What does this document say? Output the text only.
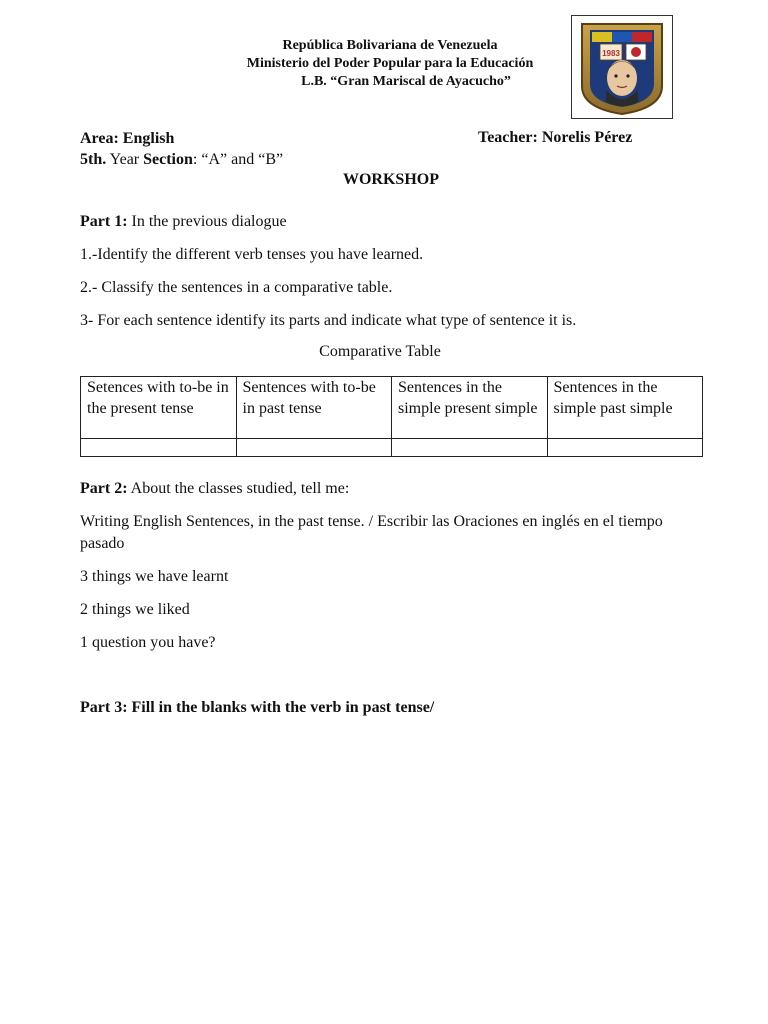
República Bolivariana de Venezuela
Ministerio del Poder Popular para la Educación
L.B. “Gran Mariscal de Ayacucho”
1983
Area: English	Teacher: Norelis Pérez
5th. Year Section: “A” and “B”
WORKSHOP
Part 1: In the previous dialogue
1.-Identify the different verb tenses you have learned.
2.- Classify the sentences in a comparative table.
3- For each sentence identify its parts and indicate what type of sentence it is.
Comparative Table
Setences with to-be in the present tense	Sentences with to-be in past tense	Sentences in the simple present simple	Sentences in the simple past simple

Part 2: About the classes studied, tell me:
Writing English Sentences, in the past tense. / Escribir las Oraciones en inglés en el tiempo pasado
3 things we have learnt
2 things we liked
1 question you have?
Part 3: Fill in the blanks with the verb in past tense/
